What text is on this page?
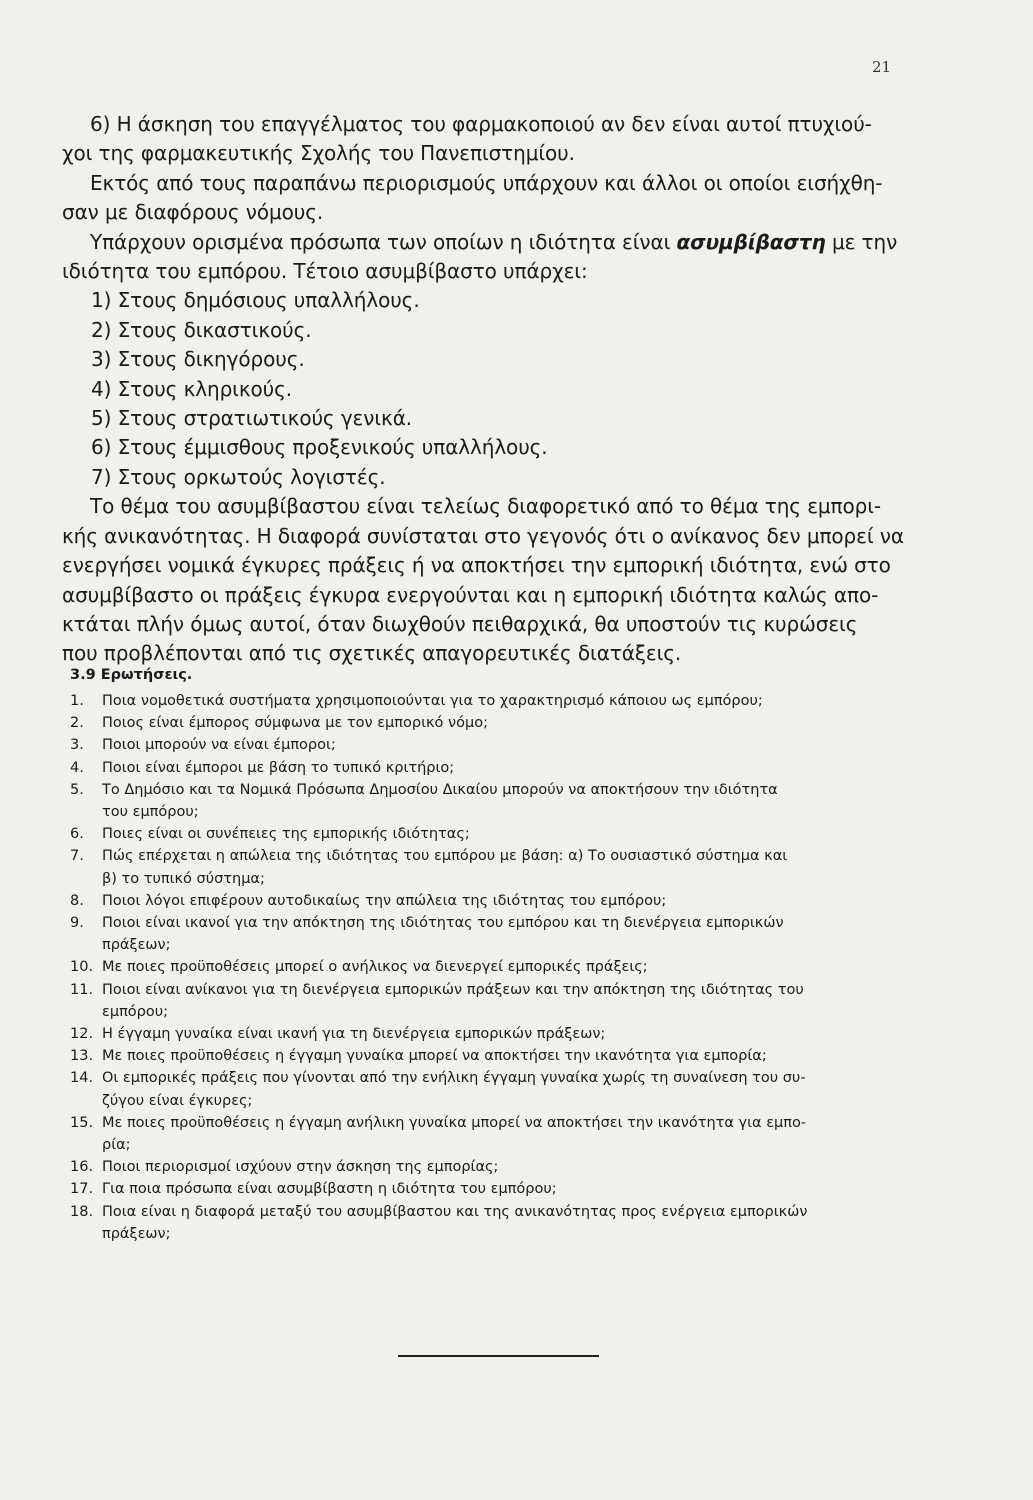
21
6) Η άσκηση του επαγγέλματος του φαρμακοποιού αν δεν είναι αυτοί πτυχιού-
χοι της φαρμακευτικής Σχολής του Πανεπιστημίου.
Εκτός από τους παραπάνω περιορισμούς υπάρχουν και άλλοι οι οποίοι εισήχθη-
σαν με διαφόρους νόμους.
Υπάρχουν ορισμένα πρόσωπα των οποίων η ιδιότητα είναι ασυμβίβαστη με την
ιδιότητα του εμπόρου. Τέτοιο ασυμβίβαστο υπάρχει:
1) Στους δημόσιους υπαλλήλους.
2) Στους δικαστικούς.
3) Στους δικηγόρους.
4) Στους κληρικούς.
5) Στους στρατιωτικούς γενικά.
6) Στους έμμισθους προξενικούς υπαλλήλους.
7) Στους ορκωτούς λογιστές.
Το θέμα του ασυμβίβαστου είναι τελείως διαφορετικό από το θέμα της εμπορι-
κής ανικανότητας. Η διαφορά συνίσταται στο γεγονός ότι ο ανίκανος δεν μπορεί να
ενεργήσει νομικά έγκυρες πράξεις ή να αποκτήσει την εμπορική ιδιότητα, ενώ στο
ασυμβίβαστο οι πράξεις έγκυρα ενεργούνται και η εμπορική ιδιότητα καλώς απο-
κτάται πλήν όμως αυτοί, όταν διωχθούν πειθαρχικά, θα υποστούν τις κυρώσεις
που προβλέπονται από τις σχετικές απαγορευτικές διατάξεις.
3.9 Ερωτήσεις.
1.	Ποια νομοθετικά συστήματα χρησιμοποιούνται για το χαρακτηρισμό κάποιου ως εμπόρου;
2.	Ποιος είναι έμπορος σύμφωνα με τον εμπορικό νόμο;
3.	Ποιοι μπορούν να είναι έμποροι;
4.	Ποιοι είναι έμποροι με βάση το τυπικό κριτήριο;
5.	Το Δημόσιο και τα Νομικά Πρόσωπα Δημοσίου Δικαίου μπορούν να αποκτήσουν την ιδιότητα
του εμπόρου;
6.	Ποιες είναι οι συνέπειες της εμπορικής ιδιότητας;
7.	Πώς επέρχεται η απώλεια της ιδιότητας του εμπόρου με βάση: α) Το ουσιαστικό σύστημα και
β) το τυπικό σύστημα;
8.	Ποιοι λόγοι επιφέρουν αυτοδικαίως την απώλεια της ιδιότητας του εμπόρου;
9.	Ποιοι είναι ικανοί για την απόκτηση της ιδιότητας του εμπόρου και τη διενέργεια εμπορικών
πράξεων;
10. Με ποιες προϋποθέσεις μπορεί ο ανήλικος να διενεργεί εμπορικές πράξεις;
11. Ποιοι είναι ανίκανοι για τη διενέργεια εμπορικών πράξεων και την απόκτηση της ιδιότητας του
εμπόρου;
12. Η έγγαμη γυναίκα είναι ικανή για τη διενέργεια εμπορικών πράξεων;
13. Με ποιες προϋποθέσεις η έγγαμη γυναίκα μπορεί να αποκτήσει την ικανότητα για εμπορία;
14. Οι εμπορικές πράξεις που γίνονται από την ενήλικη έγγαμη γυναίκα χωρίς τη συναίνεση του συ-
ζύγου είναι έγκυρες;
15. Με ποιες προϋποθέσεις η έγγαμη ανήλικη γυναίκα μπορεί να αποκτήσει την ικανότητα για εμπο-
ρία;
16. Ποιοι περιορισμοί ισχύουν στην άσκηση της εμπορίας;
17. Για ποια πρόσωπα είναι ασυμβίβαστη η ιδιότητα του εμπόρου;
18. Ποια είναι η διαφορά μεταξύ του ασυμβίβαστου και της ανικανότητας προς ενέργεια εμπορικών
πράξεων;
